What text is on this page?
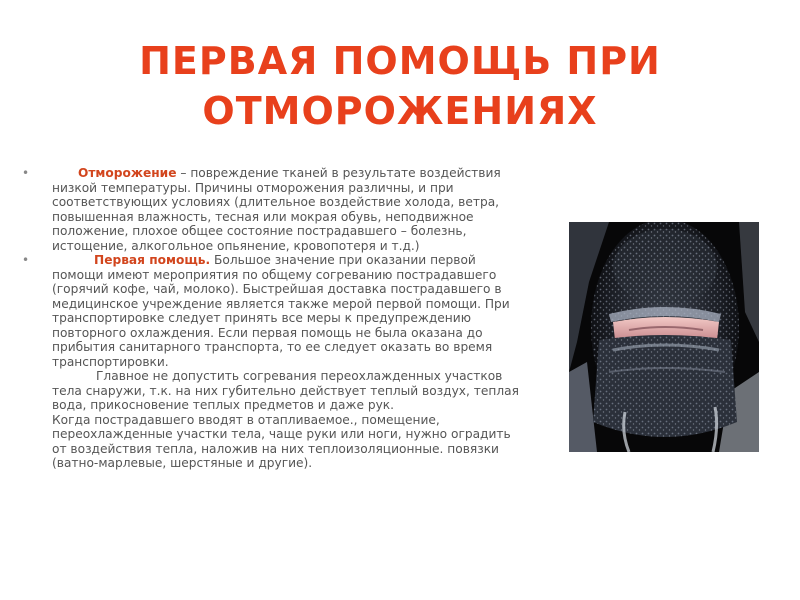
ПЕРВАЯ ПОМОЩЬ ПРИ ОТМОРОЖЕНИЯХ
•	Отморожение – повреждение тканей в результате воздействия низкой температуры. Причины отморожения различны, и при соответствующих условиях (длительное воздействие холода, ветра, повышенная влажность, тесная или мокрая обувь, неподвижное положение, плохое общее состояние пострадавшего – болезнь, истощение, алкогольное опьянение, кровопотеря и т.д.)
•	Первая помощь. Большое значение при оказании первой помощи имеют мероприятия по общему согреванию пострадавшего (горячий кофе, чай, молоко). Быстрейшая доставка пострадавшего в медицинское учреждение является также мерой первой помощи. При транспортировке следует принять все меры к предупреждению повторного охлаждения. Если первая помощь не была оказана до прибытия санитарного транспорта, то ее следует оказать во время транспортировки.
Главное не допустить согревания переохлажденных участков тела снаружи, т.к. на них губительно действует теплый воздух, теплая вода, прикосновение теплых предметов и даже рук.
Когда пострадавшего вводят в отапливаемое., помещение, переохлажденные участки тела, чаще руки или ноги, нужно оградить от воздействия тепла, наложив на них теплоизоляционные. повязки (ватно-марлевые, шерстяные и другие).
